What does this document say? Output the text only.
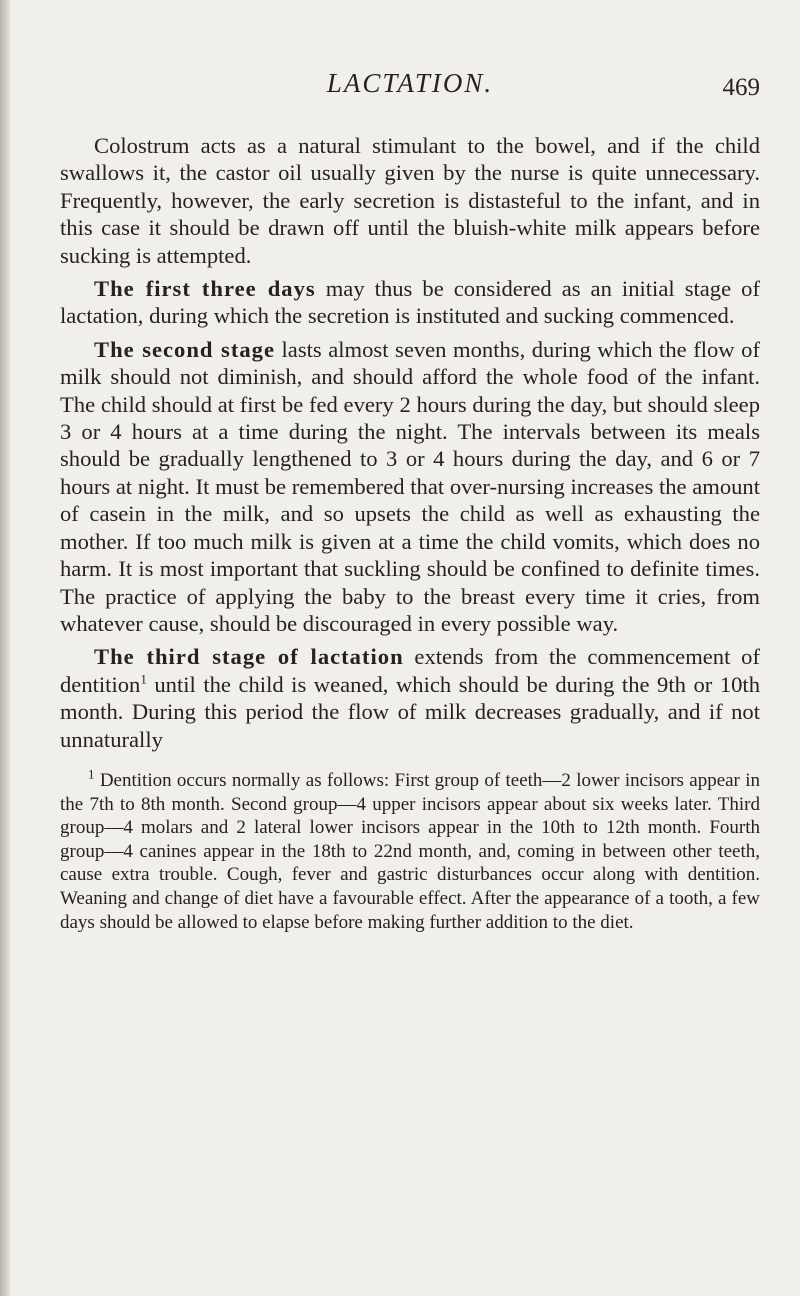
LACTATION.	469

Colostrum acts as a natural stimulant to the bowel, and if the child swallows it, the castor oil usually given by the nurse is quite unnecessary. Frequently, however, the early secretion is distasteful to the infant, and in this case it should be drawn off until the bluish-white milk appears before sucking is attempted.

The first three days may thus be considered as an initial stage of lactation, during which the secretion is instituted and sucking commenced.

The second stage lasts almost seven months, during which the flow of milk should not diminish, and should afford the whole food of the infant. The child should at first be fed every 2 hours during the day, but should sleep 3 or 4 hours at a time during the night. The intervals between its meals should be gradually lengthened to 3 or 4 hours during the day, and 6 or 7 hours at night. It must be remembered that over-nursing increases the amount of casein in the milk, and so upsets the child as well as exhausting the mother. If too much milk is given at a time the child vomits, which does no harm. It is most important that suckling should be confined to definite times. The practice of applying the baby to the breast every time it cries, from whatever cause, should be discouraged in every possible way.

The third stage of lactation extends from the commencement of dentition$^1$ until the child is weaned, which should be during the 9th or 10th month. During this period the flow of milk decreases gradually, and if not unnaturally

$^1$ Dentition occurs normally as follows: First group of teeth—2 lower incisors appear in the 7th to 8th month. Second group—4 upper incisors appear about six weeks later. Third group—4 molars and 2 lateral lower incisors appear in the 10th to 12th month. Fourth group—4 canines appear in the 18th to 22nd month, and, coming in between other teeth, cause extra trouble. Cough, fever and gastric disturbances occur along with dentition. Weaning and change of diet have a favourable effect. After the appearance of a tooth, a few days should be allowed to elapse before making further addition to the diet.
